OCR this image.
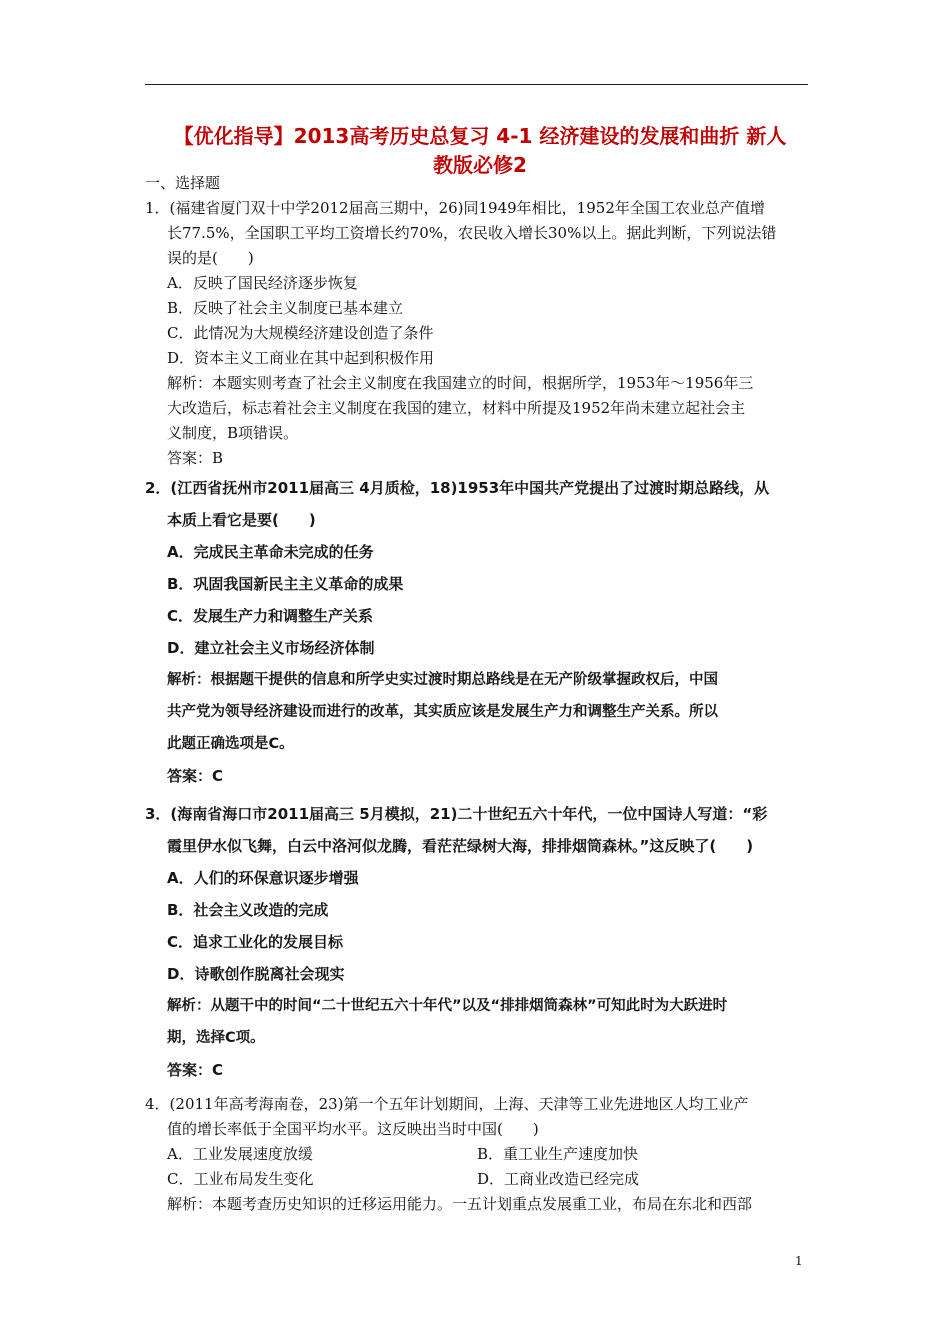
【优化指导】2013高考历史总复习 4-1 经济建设的发展和曲折 新人
教版必修2
一、选择题
1．(福建省厦门双十中学2012届高三期中，26)同1949年相比，1952年全国工农业总产值增
长77.5%，全国职工平均工资增长约70%，农民收入增长30%以上。据此判断，下列说法错
误的是(　　)
A．反映了国民经济逐步恢复
B．反映了社会主义制度已基本建立
C．此情况为大规模经济建设创造了条件
D．资本主义工商业在其中起到积极作用
解析：本题实则考查了社会主义制度在我国建立的时间，根据所学，1953年～1956年三
大改造后，标志着社会主义制度在我国的建立，材料中所提及1952年尚未建立起社会主
义制度，B项错误。
答案：B
2．(江西省抚州市2011届高三 4月质检，18)1953年中国共产党提出了过渡时期总路线，从
本质上看它是要(　　)
A．完成民主革命未完成的任务
B．巩固我国新民主主义革命的成果
C．发展生产力和调整生产关系
D．建立社会主义市场经济体制
解析：根据题干提供的信息和所学史实过渡时期总路线是在无产阶级掌握政权后，中国
共产党为领导经济建设而进行的改革，其实质应该是发展生产力和调整生产关系。所以
此题正确选项是C。
答案：C
3．(海南省海口市2011届高三 5月模拟，21)二十世纪五六十年代，一位中国诗人写道：“彩
霞里伊水似飞舞，白云中洛河似龙腾，看茫茫绿树大海，排排烟筒森林。”这反映了(　　)
A．人们的环保意识逐步增强
B．社会主义改造的完成
C．追求工业化的发展目标
D．诗歌创作脱离社会现实
解析：从题干中的时间“二十世纪五六十年代”以及“排排烟筒森林”可知此时为大跃进时
期，选择C项。
答案：C
4．(2011年高考海南卷，23)第一个五年计划期间，上海、天津等工业先进地区人均工业产
值的增长率低于全国平均水平。这反映出当时中国(　　)
A．工业发展速度放缓	B．重工业生产速度加快
C．工业布局发生变化	D．工商业改造已经完成
解析：本题考查历史知识的迁移运用能力。一五计划重点发展重工业，布局在东北和西部
1
